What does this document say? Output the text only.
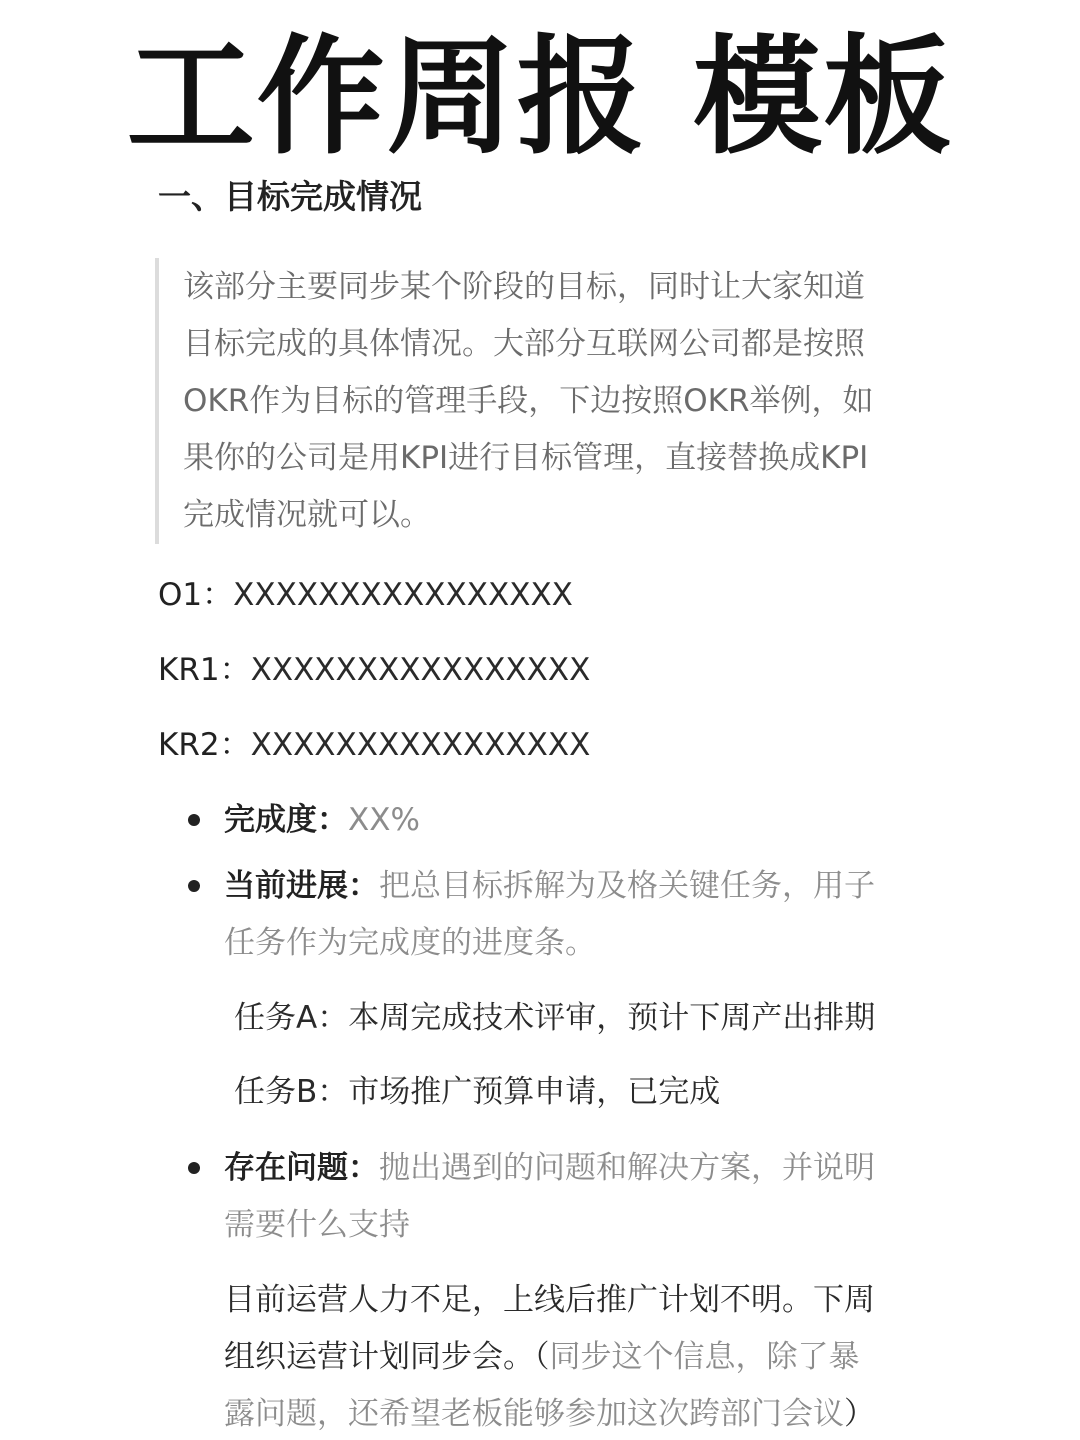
工作周报 模板
一、目标完成情况
该部分主要同步某个阶段的目标，同时让大家知道
目标完成的具体情况。大部分互联网公司都是按照
OKR作为目标的管理手段，下边按照OKR举例，如
果你的公司是用KPI进行目标管理，直接替换成KPI
完成情况就可以。
O1：XXXXXXXXXXXXXXXX
KR1：XXXXXXXXXXXXXXXX
KR2：XXXXXXXXXXXXXXXX
完成度：XX%
当前进展：把总目标拆解为及格关键任务，用子
任务作为完成度的进度条。
任务A：本周完成技术评审，预计下周产出排期
任务B：市场推广预算申请，已完成
存在问题：抛出遇到的问题和解决方案，并说明
需要什么支持
目前运营人力不足，上线后推广计划不明。下周
组织运营计划同步会。（同步这个信息，除了暴
露问题，还希望老板能够参加这次跨部门会议）
